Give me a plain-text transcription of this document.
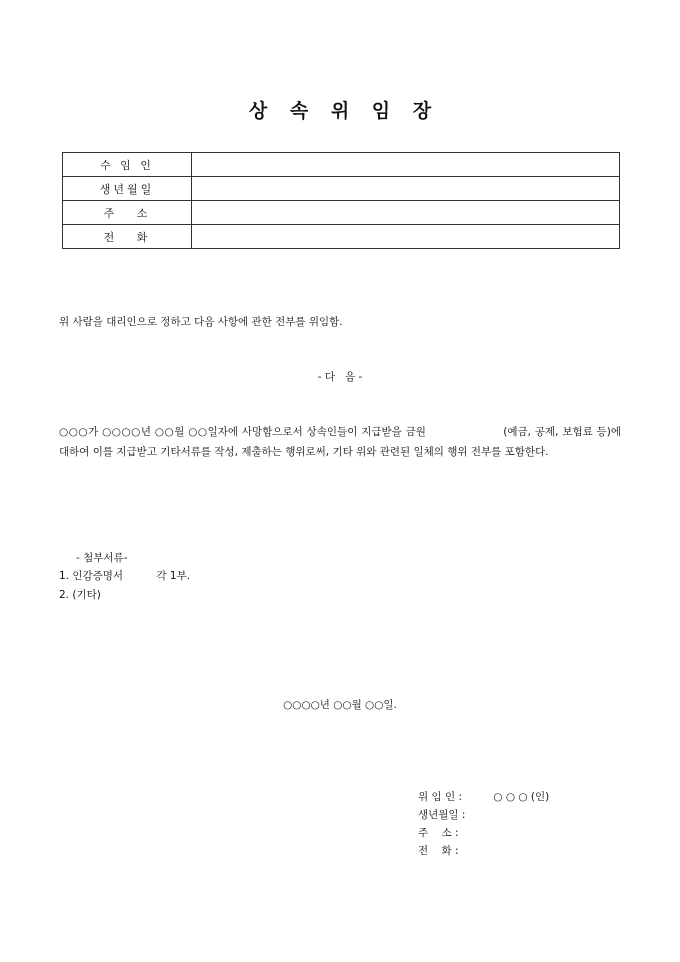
상 속 위 임 장
수 임 인	
생년월일	
주   소	
전   화	
위 사람을 대리인으로 정하고 다음 사항에 관한 전부를 위임함.
- 다   음 -
○○○가 ○○○○년 ○○월 ○○일자에 사망함으로서 상속인들이 지급받을 금원                    (예금, 공제, 보험료 등)에 대하여 이를 지급받고 기타서류를 작성, 제출하는 행위로써, 기타 위와 관련된 일체의 행위 전부를 포함한다.
- 첨부서류-
1. 인감증명서          각 1부.
2. (기타)
○○○○년 ○○월 ○○일.
위 임 인 :	○ ○ ○ (인)
생년월일 :
주    소 :
전    화 :
